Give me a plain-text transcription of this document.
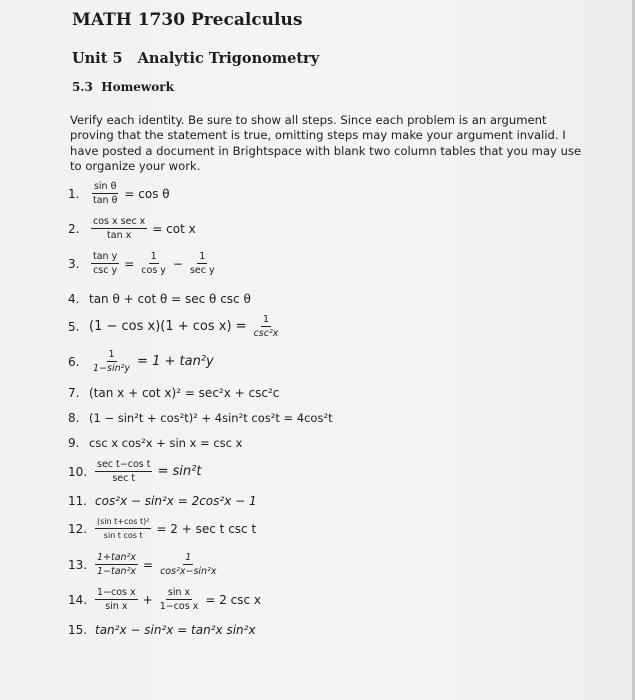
MATH 1730 Precalculus
Unit 5   Analytic Trigonometry
5.3  Homework
Verify each identity. Be sure to show all steps. Since each problem is an argument proving that the statement is true, omitting steps may make your argument invalid. I have posted a document in Brightspace with blank two column tables that you may use to organize your work.
1.	$\frac{\text{sin θ}}{\text{tan θ}} = \cos \theta$
2.	$\frac{\text{cos x sec x}}{\text{tan x}} = \cot x$
3.	$\frac{\text{tan y}}{\text{csc y}} = \frac{1}{\text{cos y}} - \frac{1}{\text{sec y}}$
4. tan θ + cot θ = sec θ csc θ
5. $(1 - \cos x)(1 + \cos x) = \frac{1}{\text{csc²x}}$
6.	$\frac{1}{\text{1−sin²y}} = 1 + \tan^2y$
7. (tan x + cot x)² = sec²x + csc²c
8. (1 − sin²t + cos²t)² + 4sin²t cos²t = 4cos²t
9. csc x cos²x + sin x = csc x
10. $\frac{\text{sec t−cos t}}{\text{sec t}} = \sin^2t$
11. cos²x − sin²x = 2cos²x − 1
12. $\frac{\text{(sin t+cos t)²}}{\text{sin t cos t}} = 2 + \sec t$ csc t
13. $\frac{\text{1+tan²x}}{\text{1−tan²x}} = \frac{1}{\text{cos²x−sin²x}}$
14. $\frac{\text{1−cos x}}{\text{sin x}} + \frac{\text{sin x}}{\text{1−cos x}} = 2$ csc x
15. tan²x − sin²x = tan²x sin²x
